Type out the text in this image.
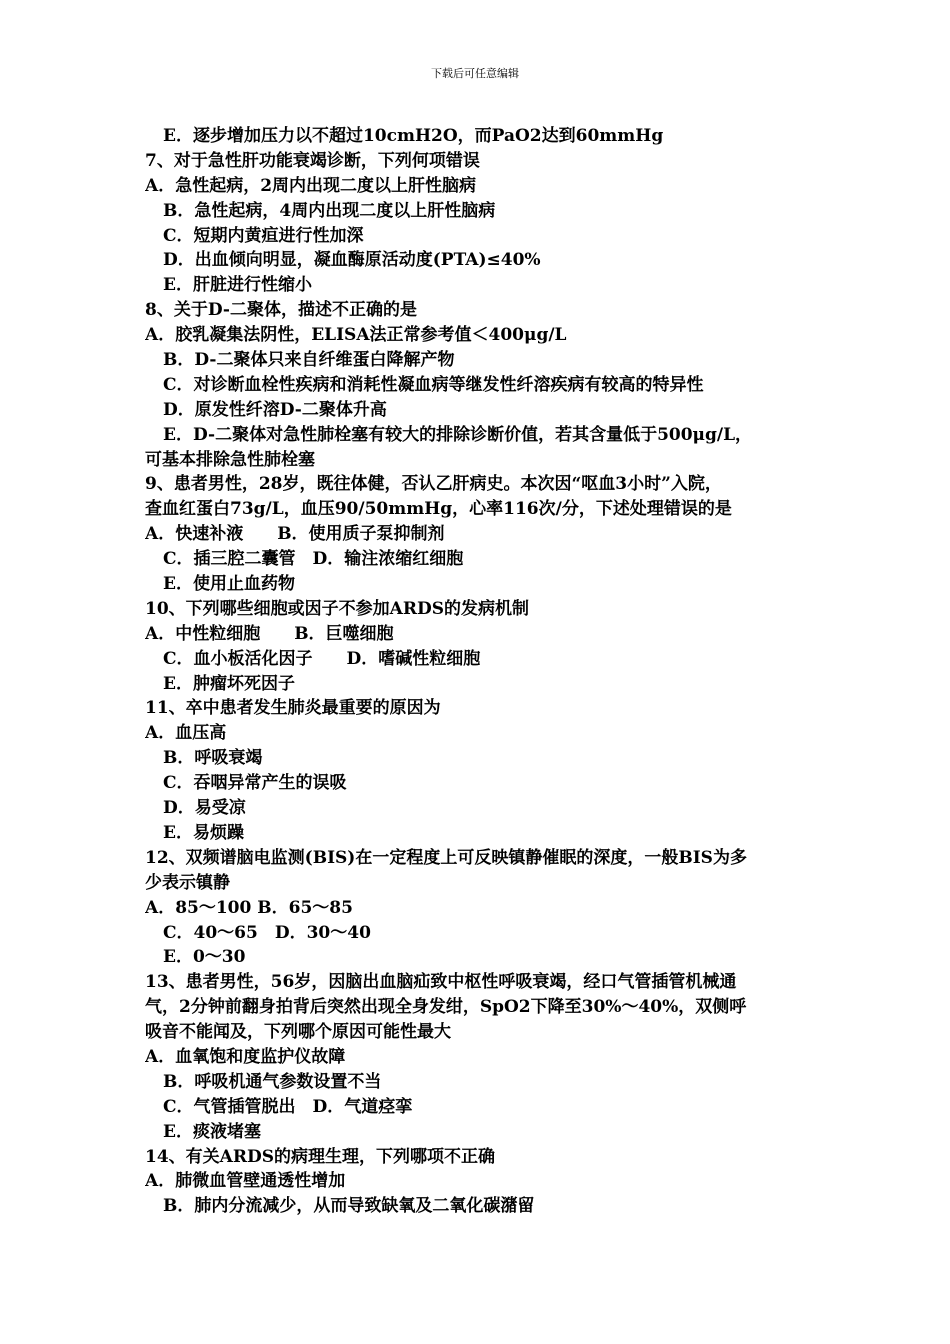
下载后可任意编辑
E．逐步增加压力以不超过10cmH2O，而PaO2达到60mmHg
7、对于急性肝功能衰竭诊断，下列何项错误
A．急性起病，2周内出现二度以上肝性脑病
B．急性起病，4周内出现二度以上肝性脑病
C．短期内黄疸进行性加深
D．出血倾向明显，凝血酶原活动度(PTA)≤40%
E．肝脏进行性缩小
8、关于D-二聚体，描述不正确的是
A．胶乳凝集法阴性，ELISA法正常参考值＜400μg/L
B．D-二聚体只来自纤维蛋白降解产物
C．对诊断血栓性疾病和消耗性凝血病等继发性纤溶疾病有较高的特异性
D．原发性纤溶D-二聚体升高
E．D-二聚体对急性肺栓塞有较大的排除诊断价值，若其含量低于500μg/L，
可基本排除急性肺栓塞
9、患者男性，28岁，既往体健，否认乙肝病史。本次因“呕血3小时”入院，
查血红蛋白73g/L，血压90/50mmHg，心率116次/分，下述处理错误的是
A．快速补液　　B．使用质子泵抑制剂
C．插三腔二囊管　D．输注浓缩红细胞
E．使用止血药物
10、下列哪些细胞或因子不参加ARDS的发病机制
A．中性粒细胞　　B．巨噬细胞
C．血小板活化因子　　D．嗜碱性粒细胞
E．肿瘤坏死因子
11、卒中患者发生肺炎最重要的原因为
A．血压高
B．呼吸衰竭
C．吞咽异常产生的误吸
D．易受凉
E．易烦躁
12、双频谱脑电监测(BIS)在一定程度上可反映镇静催眠的深度，一般BIS为多
少表示镇静
A．85～100 B．65～85
C．40～65　D．30～40
E．0～30
13、患者男性，56岁，因脑出血脑疝致中枢性呼吸衰竭，经口气管插管机械通
气，2分钟前翻身拍背后突然出现全身发绀，SpO2下降至30%～40%，双侧呼
吸音不能闻及，下列哪个原因可能性最大
A．血氧饱和度监护仪故障
B．呼吸机通气参数设置不当
C．气管插管脱出　D．气道痉挛
E．痰液堵塞
14、有关ARDS的病理生理，下列哪项不正确
A．肺微血管壁通透性增加
B．肺内分流减少，从而导致缺氧及二氧化碳潴留
